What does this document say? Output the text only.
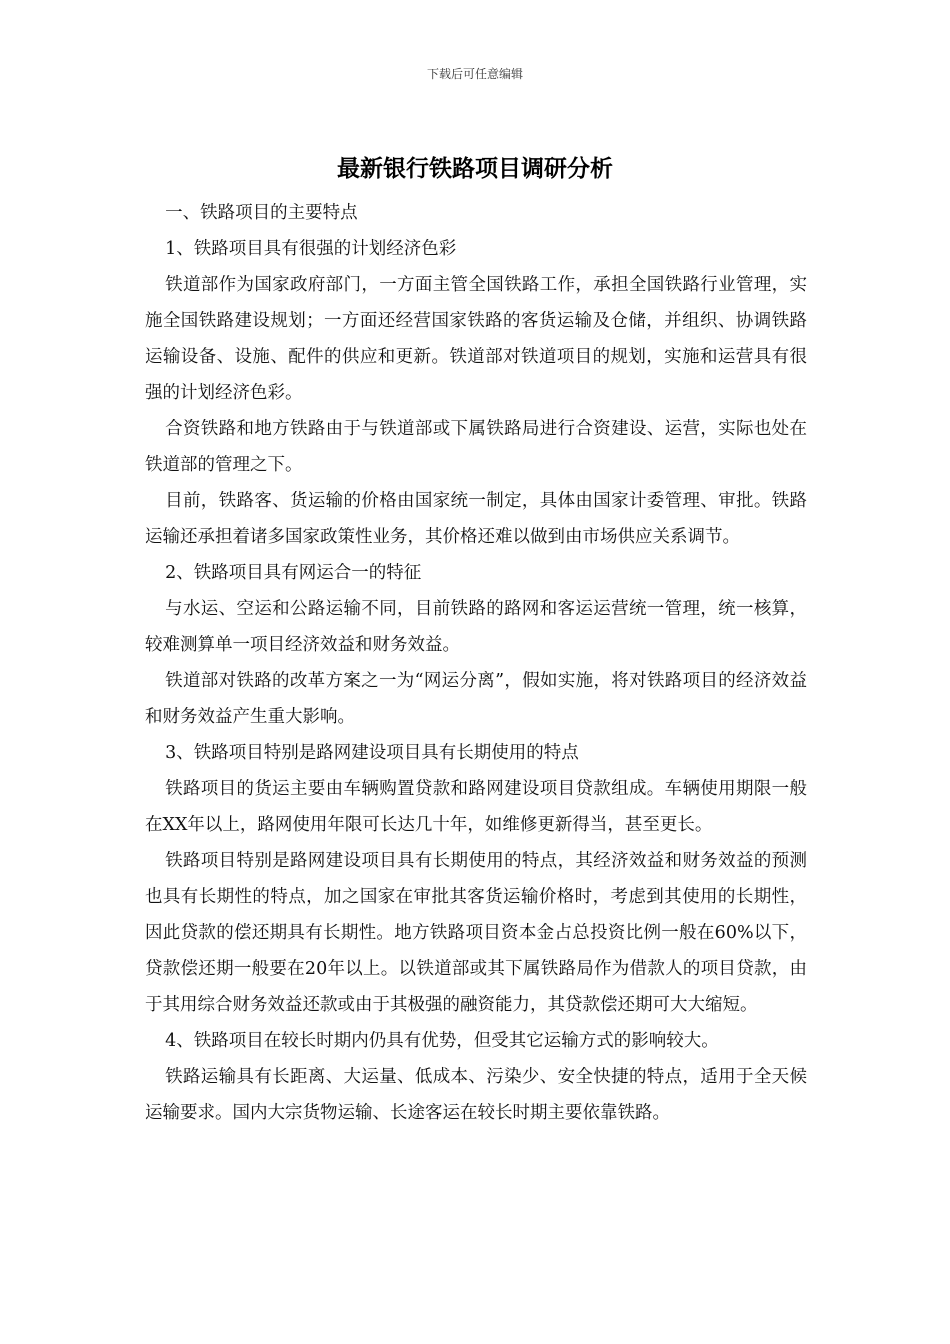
下载后可任意编辑
最新银行铁路项目调研分析

一、铁路项目的主要特点

1、铁路项目具有很强的计划经济色彩

铁道部作为国家政府部门，一方面主管全国铁路工作，承担全国铁路行业管理，实施全国铁路建设规划；一方面还经营国家铁路的客货运输及仓储，并组织、协调铁路运输设备、设施、配件的供应和更新。铁道部对铁道项目的规划，实施和运营具有很强的计划经济色彩。

合资铁路和地方铁路由于与铁道部或下属铁路局进行合资建设、运营，实际也处在铁道部的管理之下。

目前，铁路客、货运输的价格由国家统一制定，具体由国家计委管理、审批。铁路运输还承担着诸多国家政策性业务，其价格还难以做到由市场供应关系调节。

2、铁路项目具有网运合一的特征

与水运、空运和公路运输不同，目前铁路的路网和客运运营统一管理，统一核算，较难测算单一项目经济效益和财务效益。

铁道部对铁路的改革方案之一为“网运分离”，假如实施，将对铁路项目的经济效益和财务效益产生重大影响。

3、铁路项目特别是路网建设项目具有长期使用的特点

铁路项目的货运主要由车辆购置贷款和路网建设项目贷款组成。车辆使用期限一般在XX年以上，路网使用年限可长达几十年，如维修更新得当，甚至更长。

铁路项目特别是路网建设项目具有长期使用的特点，其经济效益和财务效益的预测也具有长期性的特点，加之国家在审批其客货运输价格时，考虑到其使用的长期性，因此贷款的偿还期具有长期性。地方铁路项目资本金占总投资比例一般在60%以下，贷款偿还期一般要在20年以上。以铁道部或其下属铁路局作为借款人的项目贷款，由于其用综合财务效益还款或由于其极强的融资能力，其贷款偿还期可大大缩短。

4、铁路项目在较长时期内仍具有优势，但受其它运输方式的影响较大。

铁路运输具有长距离、大运量、低成本、污染少、安全快捷的特点，适用于全天候运输要求。国内大宗货物运输、长途客运在较长时期主要依靠铁路。
